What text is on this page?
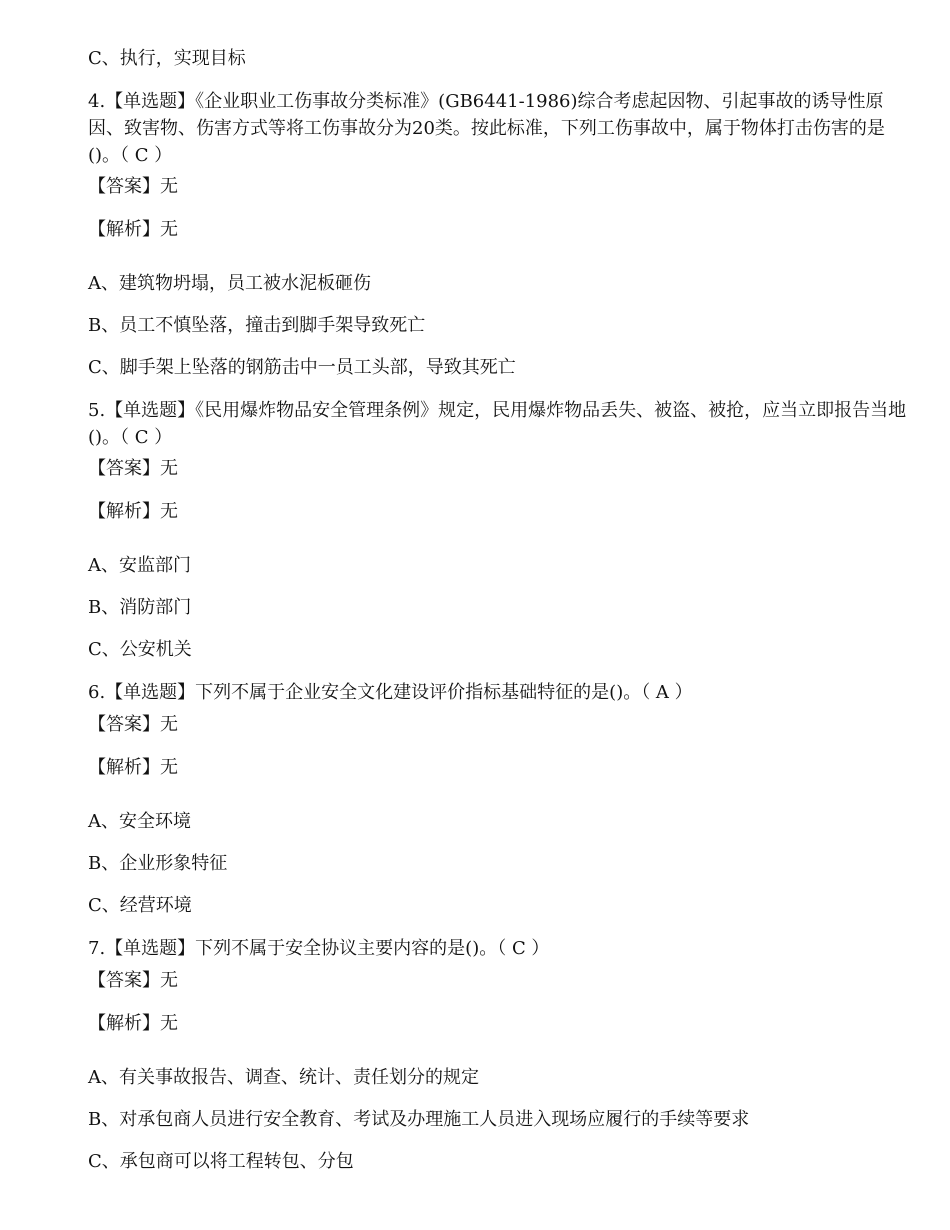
C、执行，实现目标
4.【单选题】《企业职业工伤事故分类标准》(GB6441-1986)综合考虑起因物、引起事故的诱导性原因、致害物、伤害方式等将工伤事故分为20类。按此标准，下列工伤事故中，属于物体打击伤害的是()。（ C ）
【答案】无
【解析】无
A、建筑物坍塌，员工被水泥板砸伤
B、员工不慎坠落，撞击到脚手架导致死亡
C、脚手架上坠落的钢筋击中一员工头部，导致其死亡
5.【单选题】《民用爆炸物品安全管理条例》规定，民用爆炸物品丢失、被盗、被抢，应当立即报告当地()。（ C ）
【答案】无
【解析】无
A、安监部门
B、消防部门
C、公安机关
6.【单选题】下列不属于企业安全文化建设评价指标基础特征的是()。（ A ）
【答案】无
【解析】无
A、安全环境
B、企业形象特征
C、经营环境
7.【单选题】下列不属于安全协议主要内容的是()。（ C ）
【答案】无
【解析】无
A、有关事故报告、调查、统计、责任划分的规定
B、对承包商人员进行安全教育、考试及办理施工人员进入现场应履行的手续等要求
C、承包商可以将工程转包、分包
